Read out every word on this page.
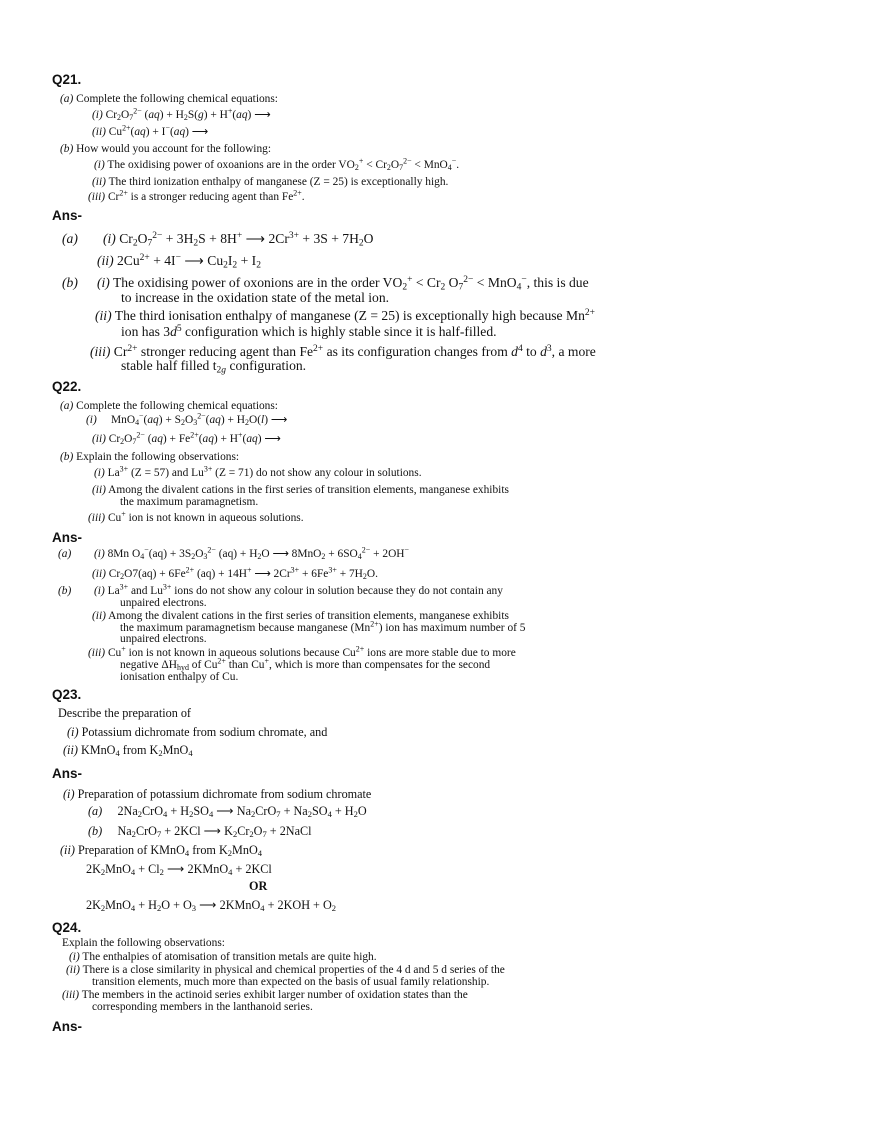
Q21.
(a) Complete the following chemical equations:
(i) $Cr_2O_7^{2-}$ $(aq) + H_2S(g) + H^+(aq)$ ⟶
(ii) $Cu^{2+}(aq) + I^-(aq)$ ⟶
(b) How would you account for the following:
(i) The oxidising power of oxoanions are in the order $VO_2^+ < Cr_2O_7^{2-} < MnO_4^-$.
(ii) The third ionization enthalpy of manganese (Z = 25) is exceptionally high.
(iii) $Cr^{2+}$ is a stronger reducing agent than $Fe^{2+}$.
Ans-
(a) (i) $Cr_2O_7^{2-} + 3H_2S + 8H^+$ ⟶ $2Cr^{3+} + 3S + 7H_2O$
(ii) $2Cu^{2+} + 4I^-$ ⟶ $Cu_2I_2 + I_2$
(b) (i) The oxidising power of oxonions are in the order $VO_2^+ < Cr_2$ $O_7^{2-} < MnO_4^-$, this is due
to increase in the oxidation state of the metal ion.
(ii) The third ionisation enthalpy of manganese (Z = 25) is exceptionally high because $Mn^{2+}$
ion has $3d^5$ configuration which is highly stable since it is half-filled.
(iii) $Cr^{2+}$ stronger reducing agent than $Fe^{2+}$ as its configuration changes from $d^4$ to $d^3$, a more
stable half filled $t_{2g}$ configuration.
Q22.
(a) Complete the following chemical equations:
(i)     $MnO_4^-(aq) + S_2O_3^{2-}(aq) + H_2O(l)$ ⟶
(ii) $Cr_2O_7^{2-}$ $(aq) + Fe^{2+}(aq) + H^+(aq)$ ⟶
(b) Explain the following observations:
(i) $La^{3+}$ (Z = 57) and $Lu^{3+}$ (Z = 71) do not show any colour in solutions.
(ii) Among the divalent cations in the first series of transition elements, manganese exhibits
the maximum paramagnetism.
(iii) Cu+ ion is not known in aqueous solutions.
Ans-
(a) (i) 8Mn $O_4^-(aq) + 3S_2O_3^{2-}$ $(aq) + H_2O$ ⟶ $8MnO_2 + 6SO_4^{2-} + 2OH^-$
(ii) $Cr_2O7(aq) + 6Fe^{2+}$ (aq) + 14H+ ⟶ $2Cr^{3+} + 6Fe^{3+} + 7H_2O$.
(b) (i) $La^{3+}$ and $Lu^{3+}$ ions do not show any colour in solution because they do not contain any
unpaired electrons.
(ii) Among the divalent cations in the first series of transition elements, manganese exhibits
the maximum paramagnetism because manganese $(Mn^{2+})$ ion has maximum number of 5
unpaired electrons.
(iii) Cu+ ion is not known in aqueous solutions because $Cu^{2+}$ ions are more stable due to more
negative $\Delta H_{hyd}$ of $Cu^{2+}$ than Cu+, which is more than compensates for the second
ionisation enthalpy of Cu.
Q23.
Describe the preparation of
(i) Potassium dichromate from sodium chromate, and
(ii) KMnO$_4$ from $K_2MnO_4$
Ans-
(i) Preparation of potassium dichromate from sodium chromate
(a)     $2Na_2CrO_4 + H_2SO_4$ ⟶ $Na_2CrO_7 + Na_2SO_4 + H_2O$
(b)     $Na_2CrO_7 + 2KCl$ ⟶ $K_2Cr_2O_7$ + 2NaCl
(ii) Preparation of KMnO$_4$ from $K_2MnO_4$
$2K_2MnO_4 + Cl_2$ ⟶ 2KMnO$_4$ + 2KCl
OR
$2K_2MnO_4 + H_2O + O_3$ ⟶ 2KMnO$_4$ + $2KOH + O_2$
Q24.
Explain the following observations:
(i) The enthalpies of atomisation of transition metals are quite high.
(ii) There is a close similarity in physical and chemical properties of the 4 d and 5 d series of the
transition elements, much more than expected on the basis of usual family relationship.
(iii) The members in the actinoid series exhibit larger number of oxidation states than the
corresponding members in the lanthanoid series.
Ans-
